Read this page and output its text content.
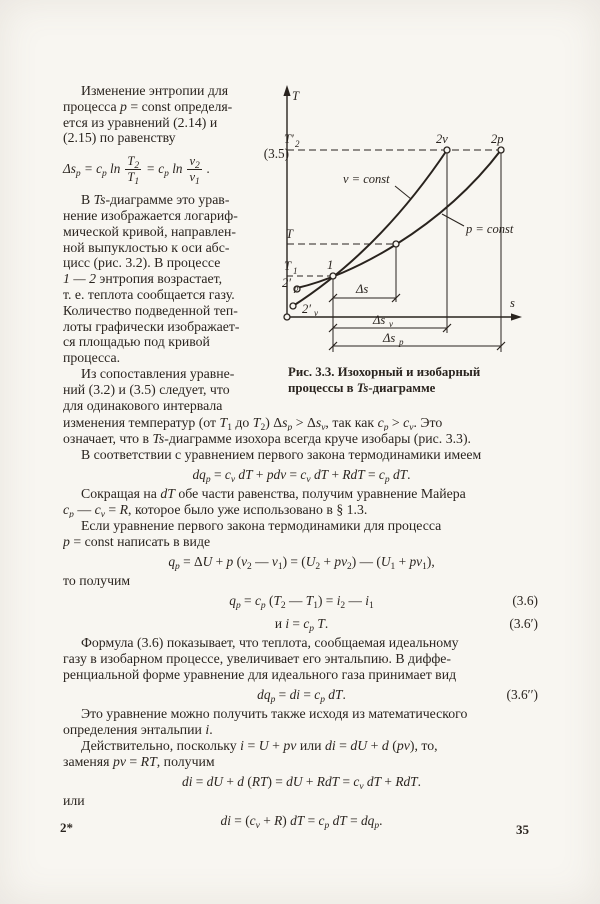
Изменение энтропии для
процесса p = const определя-
ется из уравнений (2.14) и
(2.15) по равенству
$\Delta s_p = c_p$ $\ln \frac{T_2}{T_1} = c_p$ $\ln \frac{v_2}{v_1}$ .
(3.5)
В Ts-диаграмме это урав-
нение изображается логариф-
мической кривой, направлен-
ной выпуклостью к оси абс-
цисс (рис. 3.2). В процессе
1 — 2 энтропия возрастает,
т. е. теплота сообщается газу.
Количество подведенной теп-
лоты графически изображает-
ся площадью под кривой
процесса.
Из сопоставления уравне-
ний (3.2) и (3.5) следует, что
для одинакового интервала
T
s
T′ 2
T
T 1
2′ p
2′ v
1
2v	2p
v = const
p = const
Δs
Δs v
Δs p
Рис. 3.3. Изохорный и изобарный
процессы в Ts-диаграмме
изменения температур (от $T_1$ до $T_2$) $\Delta s_p > \Delta s_v$, так как $c_p > c_v$. Это
означает, что в Ts-диаграмме изохора всегда круче изобары (рис. 3.3).
В соответствии с уравнением первого закона термодинамики имеем
$dq_p = c_v$ dT + pdv = $c_v$ dT + RdT = $c_p$ dT.
Сокращая на dT обе части равенства, получим уравнение Майера
$c_p$ — $c_v = R$, которое было уже использовано в § 1.3.
Если уравнение первого закона термодинамики для процесса
p = const написать в виде
$q_p = \Delta U + p$ ($v_2$ — $v_1) = (U_2 + pv_2)$ — $(U_1 + pv_1)$,
то получим
$q_p = c_p$ ($T_2$ — $T_1) = i_2$ — $i_1$	(3.6)
и $i = c_p$ T.	(3.6′)
Формула (3.6) показывает, что теплота, сообщаемая идеальному
газу в изобарном процессе, увеличивает его энтальпию. В диффе-
ренциальной форме уравнение для идеального газа принимает вид
$dq_p$ = di = $c_p$ dT.	(3.6′′)
Это уравнение можно получить также исходя из математического
определения энтальпии i.
Действительно, поскольку i = U + pv или di = dU + d (pv), то,
заменяя pv = RT, получим
di = dU + d (RT) = dU + RdT = $c_v$ dT + RdT.
или
di = $(c_v + R)$ dT = $c_p$ dT = $dq_p$.
2*	35
